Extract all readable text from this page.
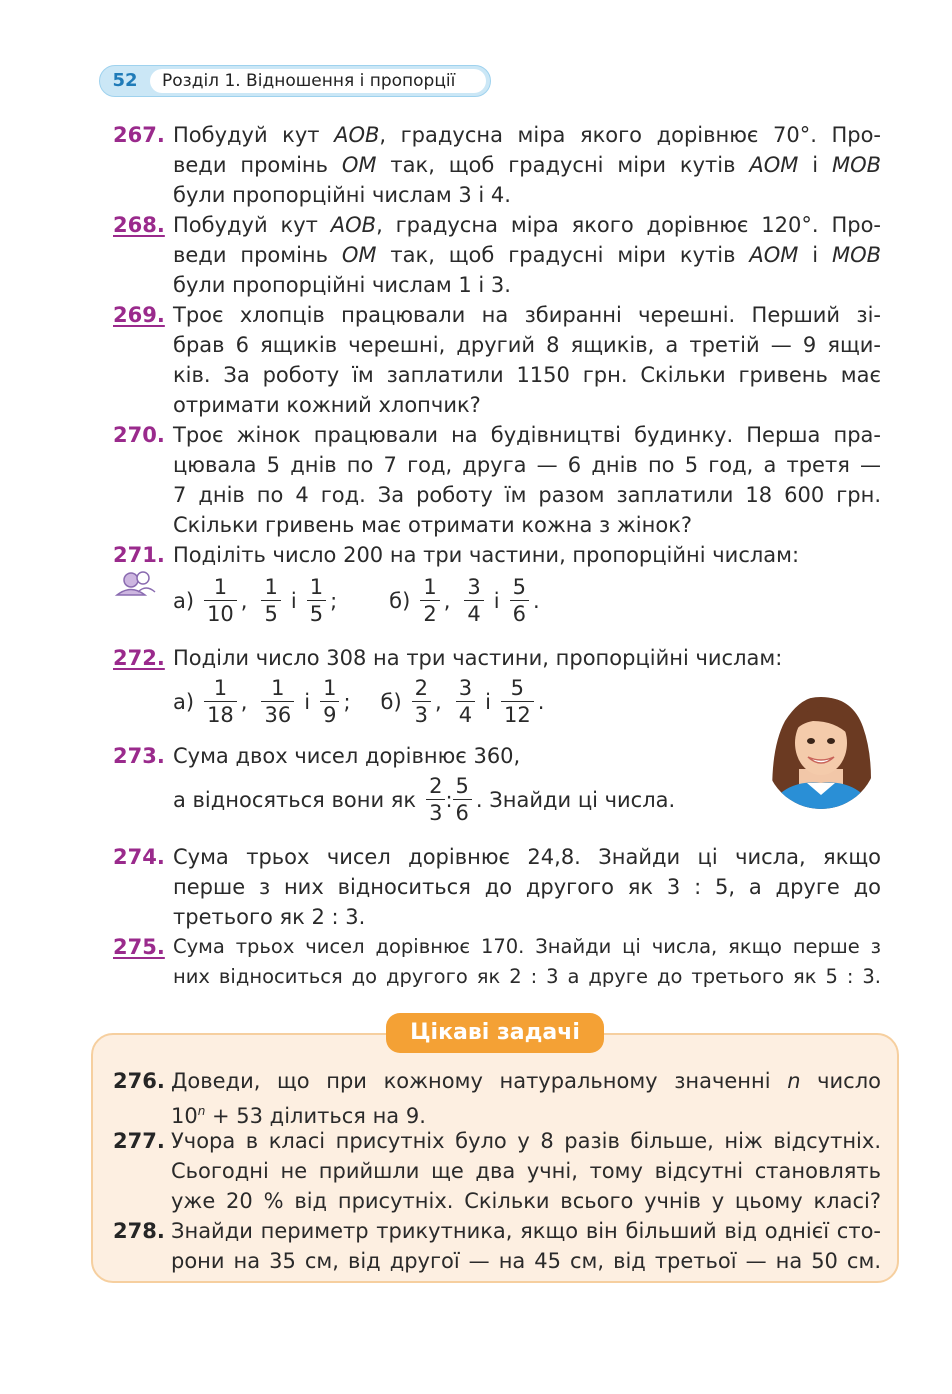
52	Розділ 1. Відношення і пропорції
267. Побудуй кут AOB, градусна міра якого дорівнює 70°. Про-
веди промінь OM так, щоб градусні міри кутів AOM і MOB
були пропорційні числам 3 і 4.
268. Побудуй кут AOB, градусна міра якого дорівнює 120°. Про-
веди промінь OM так, щоб градусні міри кутів AOM і MOB
були пропорційні числам 1 і 3.
269. Троє хлопців працювали на збиранні черешні. Перший зі-
брав 6 ящиків черешні, другий 8 ящиків, а третій — 9 ящи-
ків. За роботу їм заплатили 1150 грн. Скільки гривень має
отримати кожний хлопчик?
270. Троє жінок працювали на будівництві будинку. Перша пра-
цювала 5 днів по 7 год, друга — 6 днів по 5 год, а третя —
7 днів по 4 год. За роботу їм разом заплатили 18 600 грн.
Скільки гривень має отримати кожна з жінок?
271. Поділіть число 200 на три частини, пропорційні числам:
$а) \frac{1}{10}$ , $\frac{1}{5}$ і $\frac{1}{5}$ ; $б) \frac{1}{2}$ , $\frac{3}{4}$ і $\frac{5}{6}$ .
272. Поділи число 308 на три частини, пропорційні числам:
$а) \frac{1}{18}$ , $\frac{1}{36}$ і $\frac{1}{9}$ ; $б) \frac{2}{3}$ , $\frac{3}{4}$ і $\frac{5}{12}$ .
273. Сума двох чисел дорівнює 360,
а відносяться вони як $\frac{2}{3}$ : $\frac{5}{6}$ . Знайди ці числа.
274. Сума трьох чисел дорівнює 24,8. Знайди ці числа, якщо
перше з них відноситься до другого як 3 : 5, а друге до
третього як 2 : 3.
275. Сума трьох чисел дорівнює 170. Знайди ці числа, якщо перше з
них відноситься до другого як 2 : 3 а друге до третього як 5 : 3.
Цікаві задачі
276. Доведи, що при кожному натуральному значенні n число
$10^n + 53$ ділиться на 9.
277. Учора в класі присутніх було у 8 разів більше, ніж відсутніх.
Сьогодні не прийшли ще два учні, тому відсутні становлять
уже 20 % від присутніх. Скільки всього учнів у цьому класі?
278. Знайди периметр трикутника, якщо він більший від однієї сто-
рони на 35 см, від другої — на 45 см, від третьої — на 50 см.
